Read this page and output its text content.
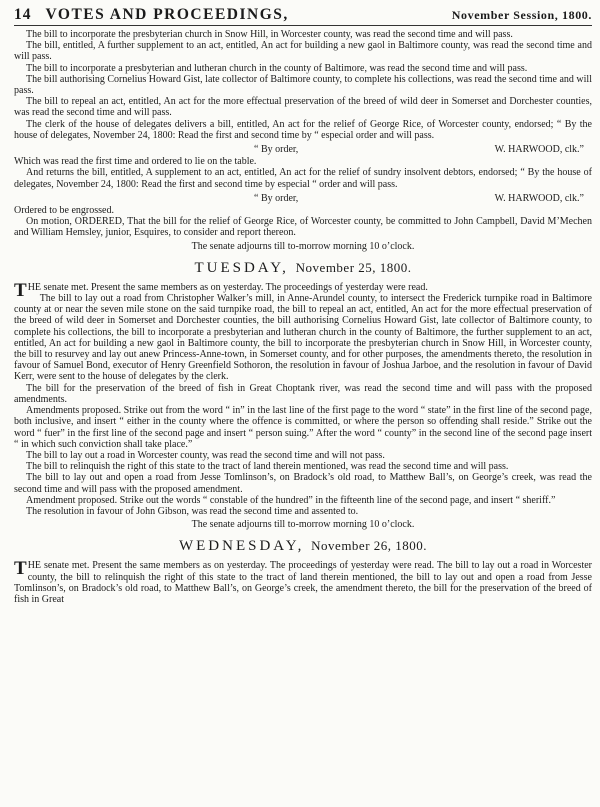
14 VOTES AND PROCEEDINGS,	November Session, 1800.

The bill to incorporate the presbyterian church in Snow Hill, in Worcester county, was read the second time and will pass.

The bill, entitled, A further supplement to an act, entitled, An act for building a new gaol in Baltimore county, was read the second time and will pass.

The bill to incorporate a presbyterian and lutheran church in the county of Baltimore, was read the second time and will pass.

The bill authorising Cornelius Howard Gist, late collector of Baltimore county, to complete his collections, was read the second time and will pass.

The bill to repeal an act, entitled, An act for the more effectual preservation of the breed of wild deer in Somerset and Dorchester counties, was read the second time and will pass.

The clerk of the house of delegates delivers a bill, entitled, An act for the relief of George Rice, of Worcester county, endorsed; “ By the house of delegates, November 24, 1800: Read the first and second time by “ especial order and will pass.

“ By order,	W. HARWOOD, clk.”

Which was read the first time and ordered to lie on the table.

And returns the bill, entitled, A supplement to an act, entitled, An act for the relief of sundry insolvent debtors, endorsed; “ By the house of delegates, November 24, 1800: Read the first and second time by especial “ order and will pass.

“ By order,	W. HARWOOD, clk.”

Ordered to be engrossed.

On motion, ORDERED, That the bill for the relief of George Rice, of Worcester county, be committed to John Campbell, David M’Mechen and William Hemsley, junior, Esquires, to consider and report thereon.

The senate adjourns till to-morrow morning 10 o’clock.

TUESDAY, November 25, 1800.

THE senate met. Present the same members as on yesterday. The proceedings of yesterday were read.

The bill to lay out a road from Christopher Walker’s mill, in Anne-Arundel county, to intersect the Frederick turnpike road in Baltimore county at or near the seven mile stone on the said turnpike road, the bill to repeal an act, entitled, An act for the more effectual preservation of the breed of wild deer in Somerset and Dorchester counties, the bill authorising Cornelius Howard Gist, late collector of Baltimore county, to complete his collections, the bill to incorporate a presbyterian and lutheran church in the county of Baltimore, the further supplement to an act, entitled, An act for building a new gaol in Baltimore county, the bill to incorporate the presbyterian church in Snow Hill, in Worcester county, the bill to resurvey and lay out anew Princess-Anne-town, in Somerset county, and for other purposes, the amendments thereto, the resolution in favour of Samuel Bond, executor of Henry Greenfield Sothoron, the resolution in favour of Joshua Jarboe, and the resolution in favour of David Kerr, were sent to the house of delegates by the clerk.

The bill for the preservation of the breed of fish in Great Choptank river, was read the second time and will pass with the proposed amendments.

Amendments proposed. Strike out from the word “ in” in the last line of the first page to the word “ state” in the first line of the second page, both inclusive, and insert “ either in the county where the offence is committed, or where the person so offending shall reside.” Strike out the word “ fuer” in the first line of the second page and insert “ person suing.” After the word “ county” in the second line of the second page insert “ in which such conviction shall take place.”

The bill to lay out a road in Worcester county, was read the second time and will not pass.

The bill to relinquish the right of this state to the tract of land therein mentioned, was read the second time and will pass.

The bill to lay out and open a road from Jesse Tomlinson’s, on Bradock’s old road, to Matthew Ball’s, on George’s creek, was read the second time and will pass with the proposed amendment.

Amendment proposed. Strike out the words “ constable of the hundred” in the fifteenth line of the second page, and insert “ sheriff.”

The resolution in favour of John Gibson, was read the second time and assented to.

The senate adjourns till to-morrow morning 10 o’clock.

WEDNESDAY, November 26, 1800.

THE senate met. Present the same members as on yesterday. The proceedings of yesterday were read. The bill to lay out a road in Worcester county, the bill to relinquish the right of this state to the tract of land therein mentioned, the bill to lay out and open a road from Jesse Tomlinson’s, on Bradock’s old road, to Matthew Ball’s, on George’s creek, the amendment thereto, the bill for the preservation of the breed of fish in Great
